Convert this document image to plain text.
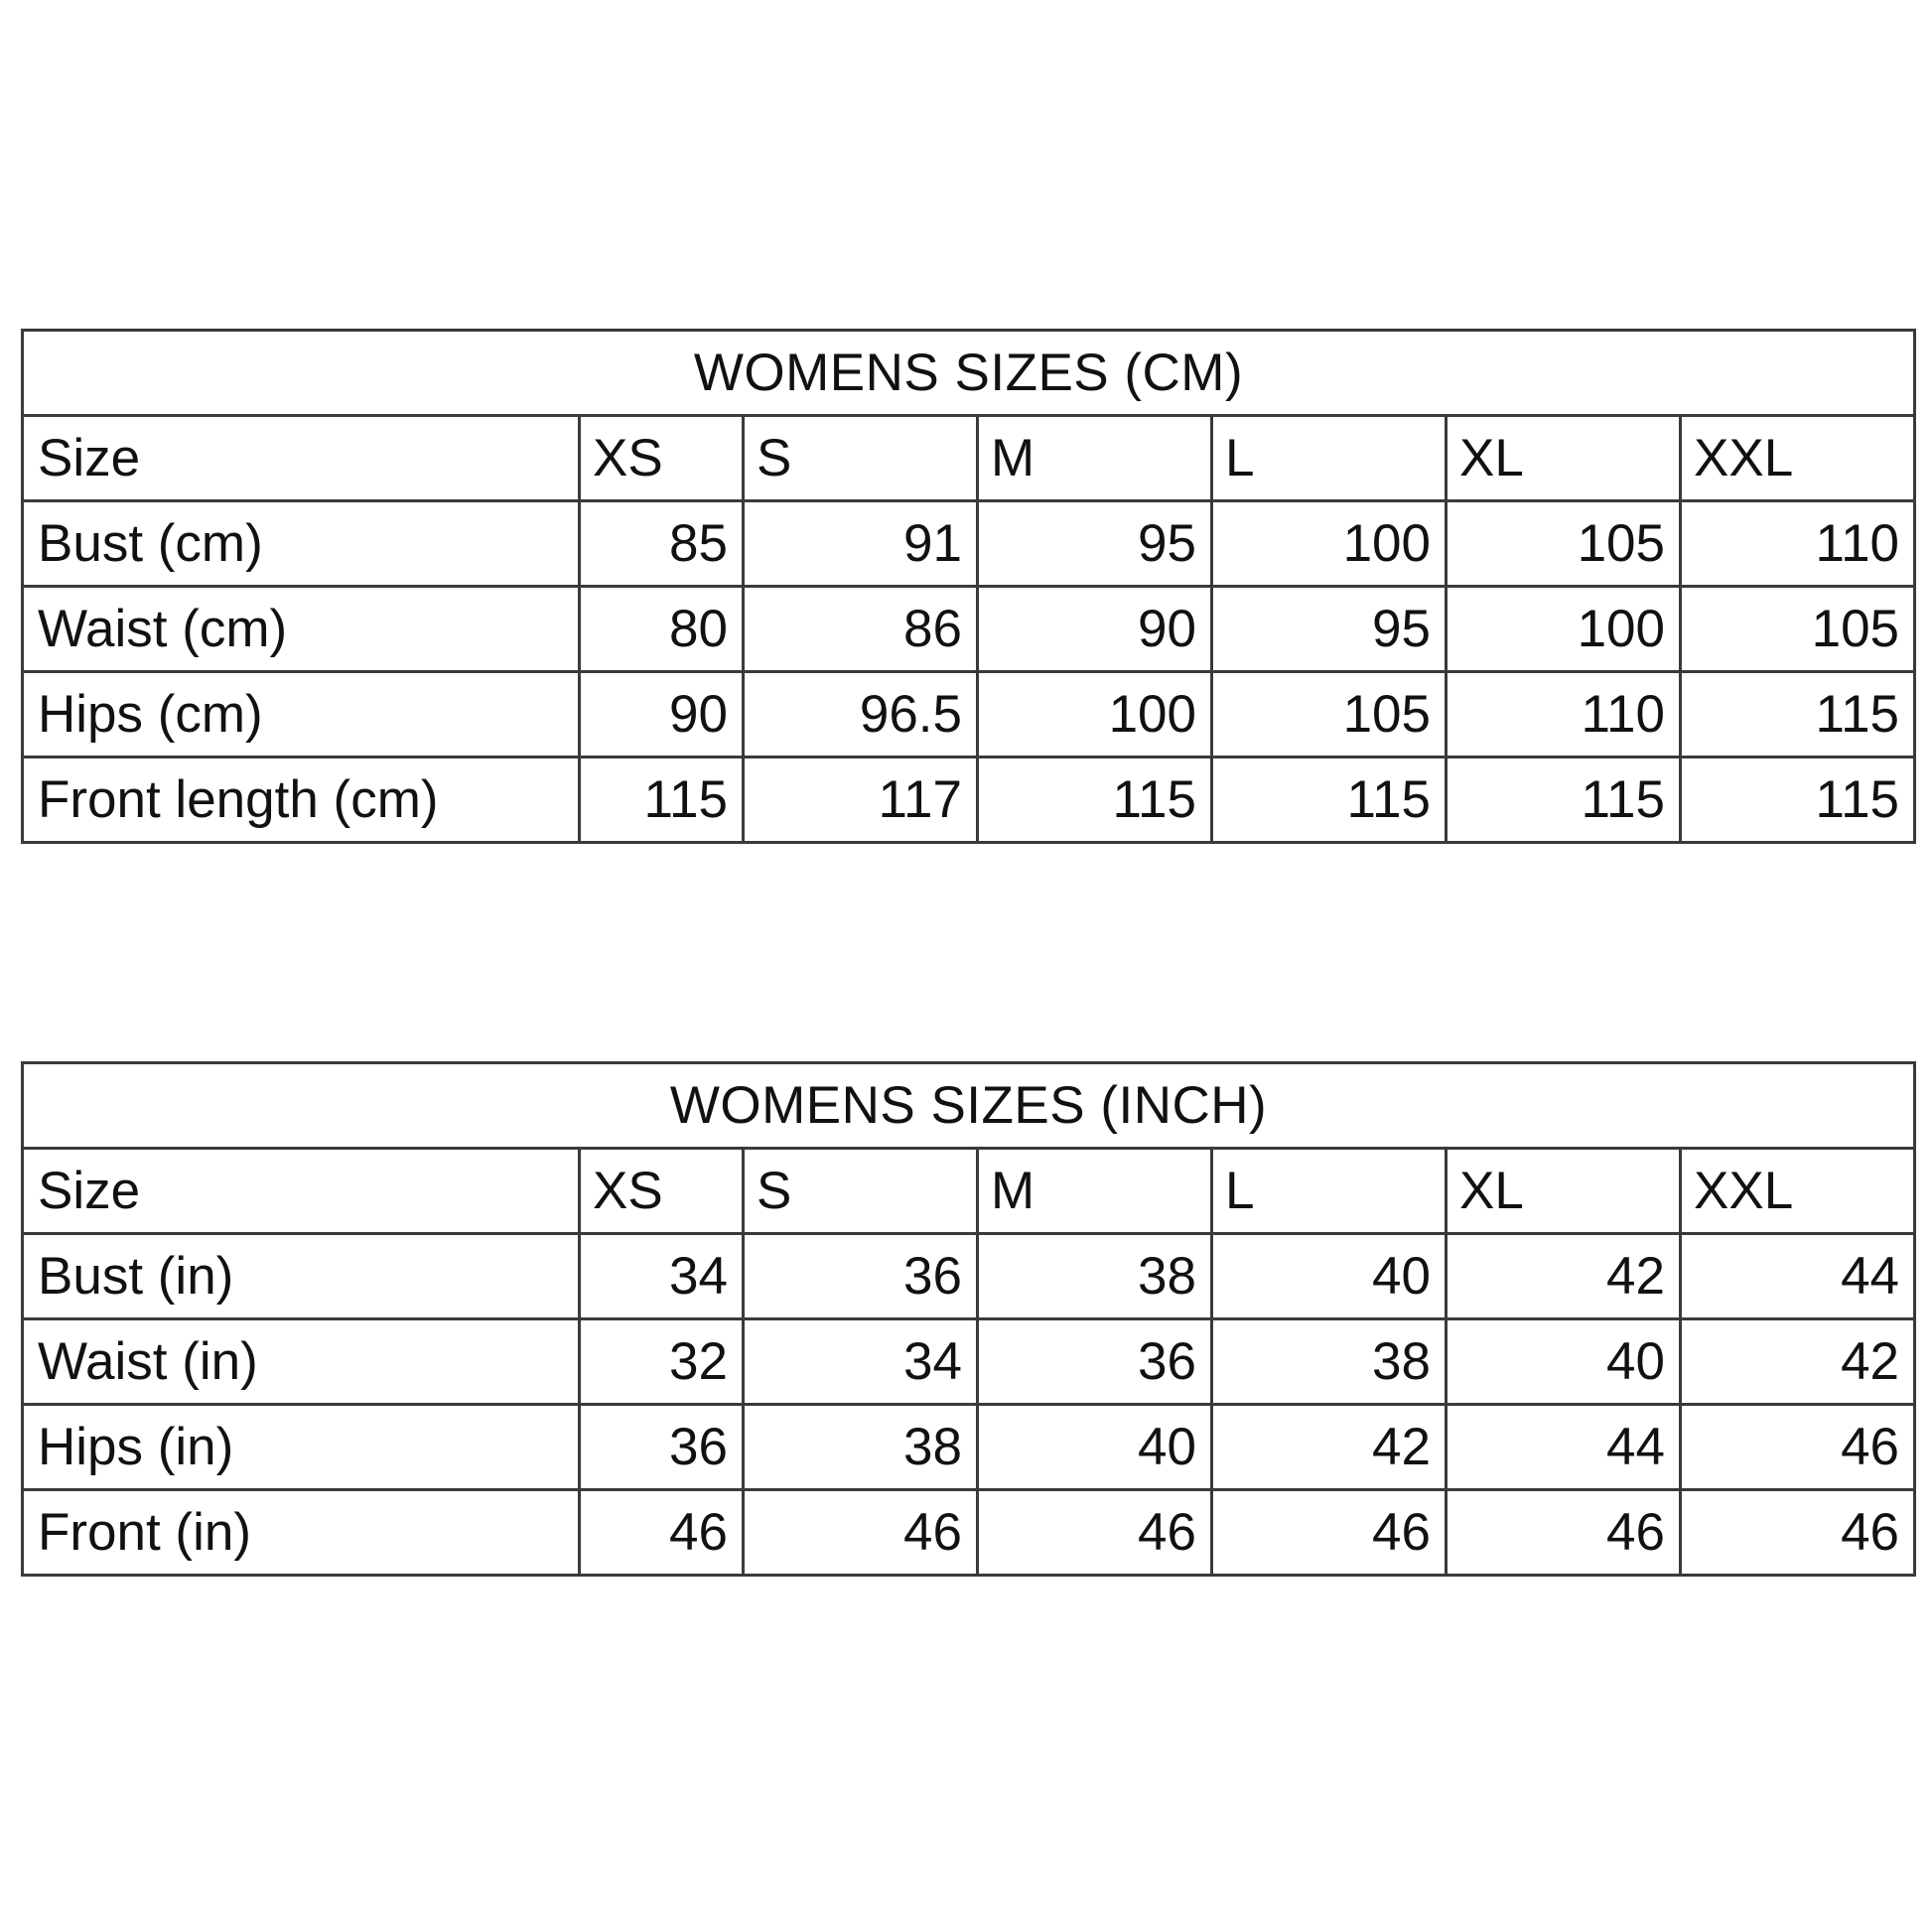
WOMENS SIZES (CM)						
Size	XS	S	M	L	XL	XXL
Bust (cm)	85	91	95	100	105	110
Waist (cm)	80	86	90	95	100	105
Hips (cm)	90	96.5	100	105	110	115
Front length (cm)	115	117	115	115	115	115
WOMENS SIZES (INCH)						
Size	XS	S	M	L	XL	XXL
Bust (in)	34	36	38	40	42	44
Waist (in)	32	34	36	38	40	42
Hips (in)	36	38	40	42	44	46
Front (in)	46	46	46	46	46	46
